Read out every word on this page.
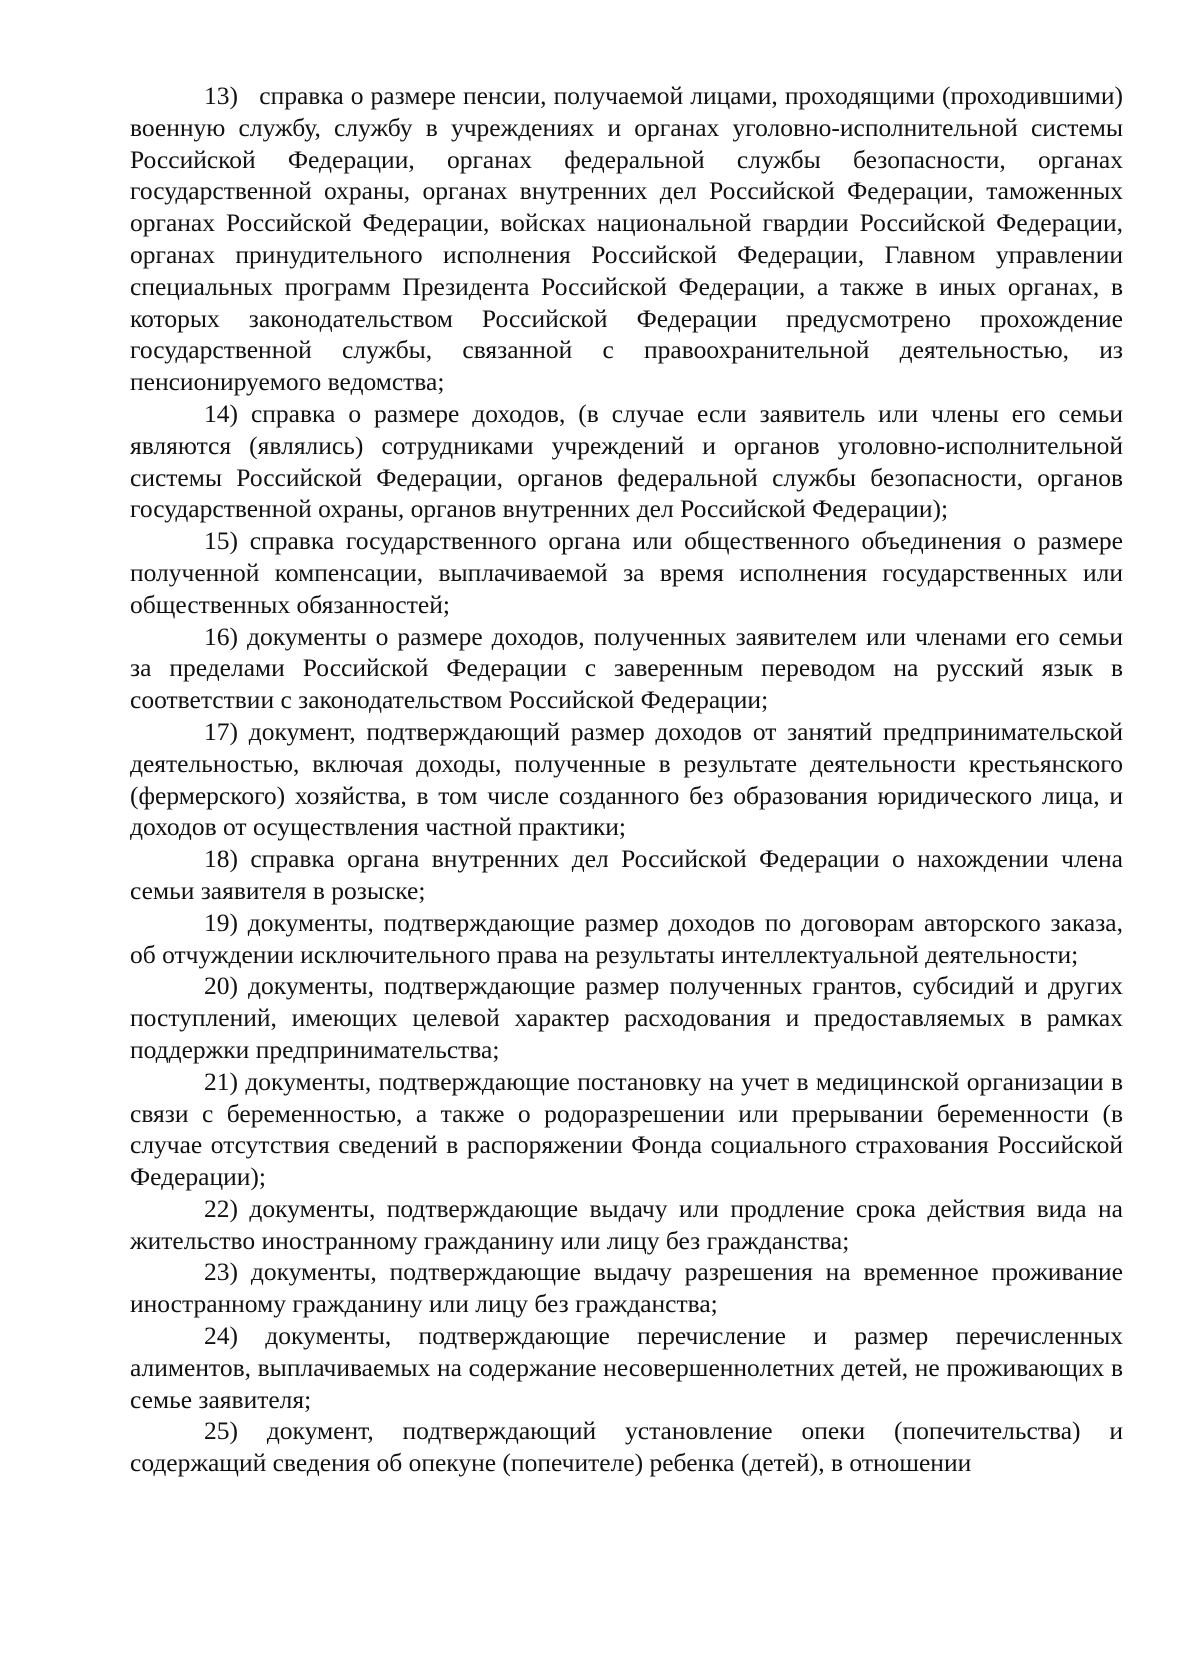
13)   справка о размере пенсии, получаемой лицами, проходящими (проходившими) военную службу, службу в учреждениях и органах уголовно-исполнительной системы Российской Федерации, органах федеральной службы безопасности, органах государственной охраны, органах внутренних дел Российской Федерации, таможенных органах Российской Федерации, войсках национальной гвардии Российской Федерации, органах принудительного исполнения Российской Федерации, Главном управлении специальных программ Президента Российской Федерации, а также в иных органах, в которых законодательством Российской Федерации предусмотрено прохождение государственной службы, связанной с правоохранительной деятельностью, из пенсионируемого ведомства;

14) справка о размере доходов, (в случае если заявитель или члены его семьи являются (являлись) сотрудниками учреждений и органов уголовно-исполнительной системы Российской Федерации, органов федеральной службы безопасности, органов государственной охраны, органов внутренних дел Российской Федерации);

15) справка государственного органа или общественного объединения о размере полученной компенсации, выплачиваемой за время исполнения государственных или общественных обязанностей;

16) документы о размере доходов, полученных заявителем или членами его семьи за пределами Российской Федерации с заверенным переводом на русский язык в соответствии с законодательством Российской Федерации;

17) документ, подтверждающий размер доходов от занятий предпринимательской деятельностью, включая доходы, полученные в результате деятельности крестьянского (фермерского) хозяйства, в том числе созданного без образования юридического лица, и доходов от осуществления частной практики;

18) справка органа внутренних дел Российской Федерации о нахождении члена семьи заявителя в розыске;

19) документы, подтверждающие размер доходов по договорам авторского заказа, об отчуждении исключительного права на результаты интеллектуальной деятельности;

20) документы, подтверждающие размер полученных грантов, субсидий и других поступлений, имеющих целевой характер расходования и предоставляемых в рамках поддержки предпринимательства;

21) документы, подтверждающие постановку на учет в медицинской организации в связи с беременностью, а также о родоразрешении или прерывании беременности (в случае отсутствия сведений в распоряжении Фонда социального страхования Российской Федерации);

22) документы, подтверждающие выдачу или продление срока действия вида на жительство иностранному гражданину или лицу без гражданства;

23) документы, подтверждающие выдачу разрешения на временное проживание иностранному гражданину или лицу без гражданства;

24) документы, подтверждающие перечисление и размер перечисленных алиментов, выплачиваемых на содержание несовершеннолетних детей, не проживающих в семье заявителя;

25) документ, подтверждающий установление опеки (попечительства) и содержащий сведения об опекуне (попечителе) ребенка (детей), в отношении
